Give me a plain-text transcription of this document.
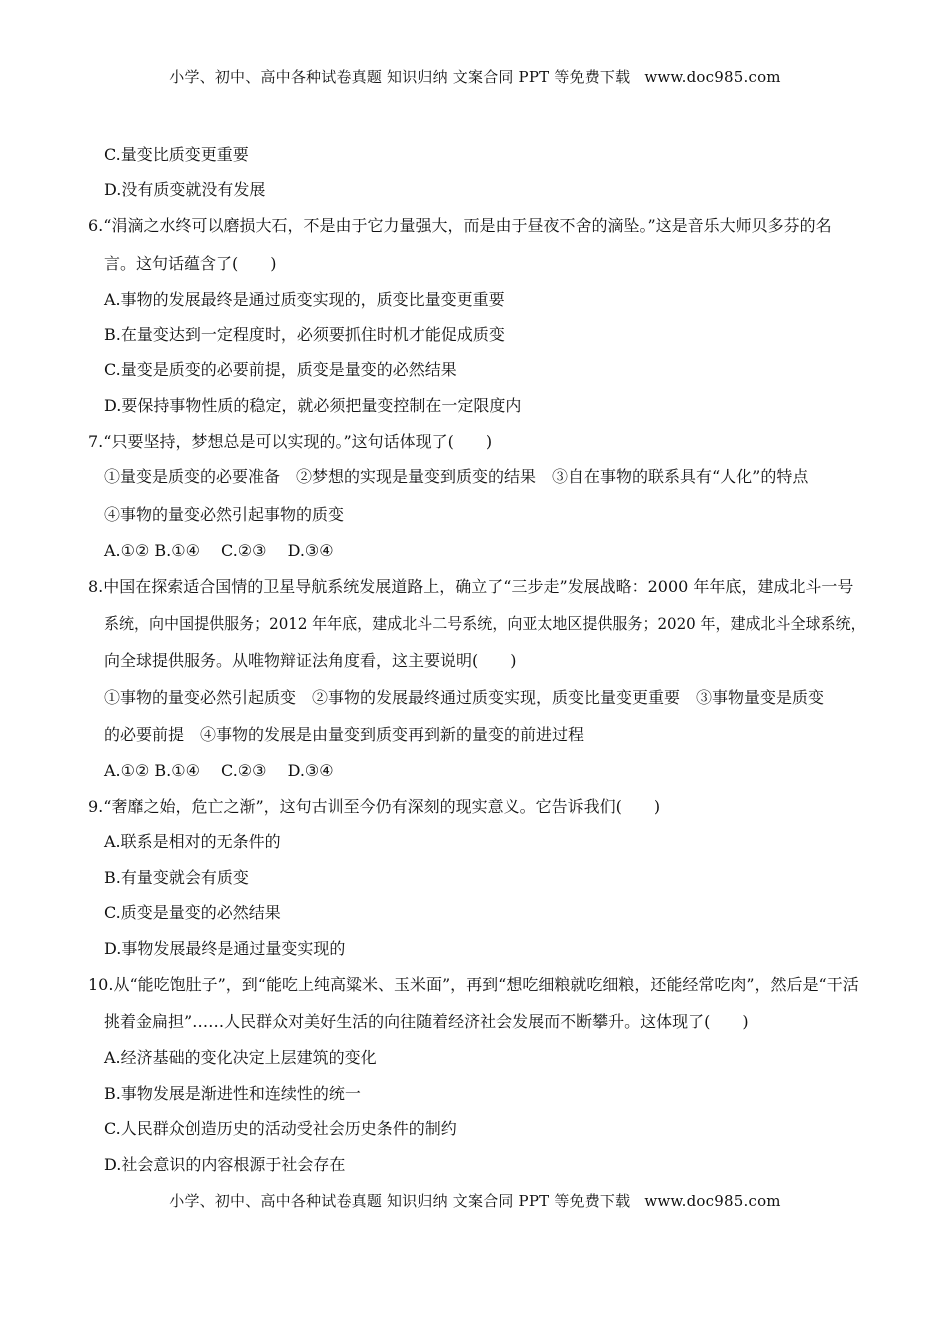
小学、初中、高中各种试卷真题 知识归纳 文案合同 PPT 等免费下载 www.doc985.com
C.量变比质变更重要
D.没有质变就没有发展
6.“涓滴之水终可以磨损大石，不是由于它力量强大，而是由于昼夜不舍的滴坠。”这是音乐大师贝多芬的名
言。这句话蕴含了(　　)
A.事物的发展最终是通过质变实现的，质变比量变更重要
B.在量变达到一定程度时，必须要抓住时机才能促成质变
C.量变是质变的必要前提，质变是量变的必然结果
D.要保持事物性质的稳定，就必须把量变控制在一定限度内
7.“只要坚持，梦想总是可以实现的。”这句话体现了(　　)
①量变是质变的必要准备　②梦想的实现是量变到质变的结果　③自在事物的联系具有“人化”的特点
④事物的量变必然引起事物的质变
A.①② B.①④　 C.②③　 D.③④
8.中国在探索适合国情的卫星导航系统发展道路上，确立了“三步走”发展战略：2000 年年底，建成北斗一号
系统，向中国提供服务；2012 年年底，建成北斗二号系统，向亚太地区提供服务；2020 年，建成北斗全球系统，
向全球提供服务。从唯物辩证法角度看，这主要说明(　　)
①事物的量变必然引起质变　②事物的发展最终通过质变实现，质变比量变更重要　③事物量变是质变
的必要前提　④事物的发展是由量变到质变再到新的量变的前进过程
A.①② B.①④　 C.②③　 D.③④
9.“奢靡之始，危亡之渐”，这句古训至今仍有深刻的现实意义。它告诉我们(　　)
A.联系是相对的无条件的
B.有量变就会有质变
C.质变是量变的必然结果
D.事物发展最终是通过量变实现的
10.从“能吃饱肚子”，到“能吃上纯高粱米、玉米面”，再到“想吃细粮就吃细粮，还能经常吃肉”，然后是“干活
挑着金扁担”……人民群众对美好生活的向往随着经济社会发展而不断攀升。这体现了(　　)
A.经济基础的变化决定上层建筑的变化
B.事物发展是渐进性和连续性的统一
C.人民群众创造历史的活动受社会历史条件的制约
D.社会意识的内容根源于社会存在
小学、初中、高中各种试卷真题 知识归纳 文案合同 PPT 等免费下载 www.doc985.com
